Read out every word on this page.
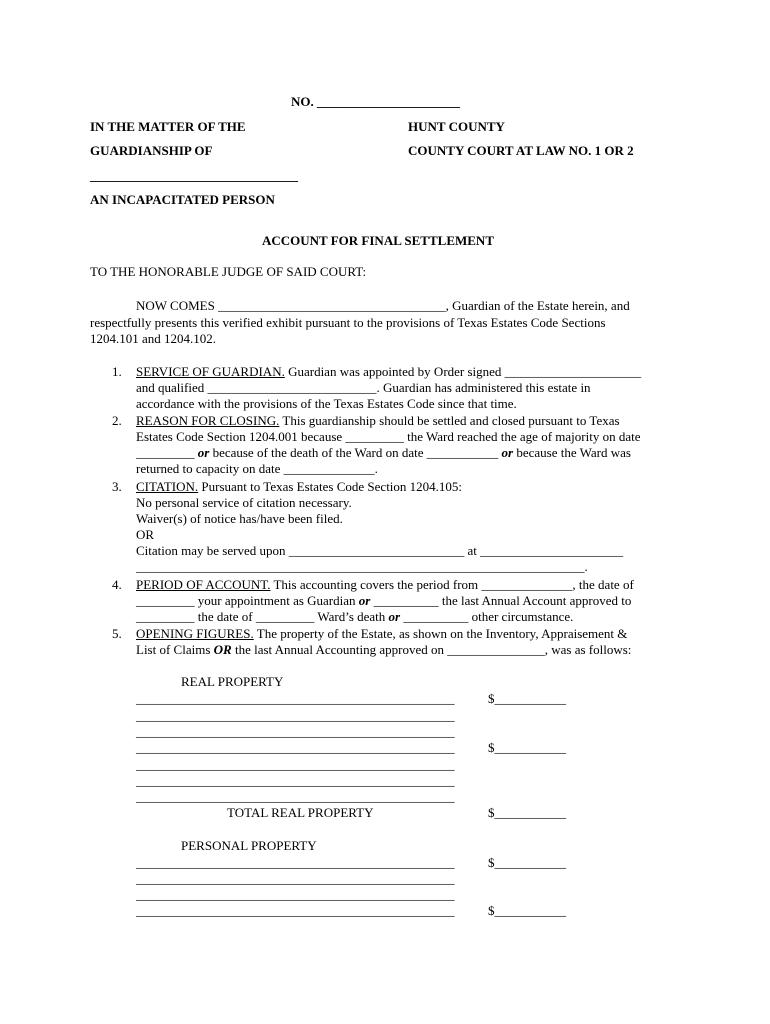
NO. ______________________
IN THE MATTER OF THE
GUARDIANSHIP OF
________________________________
AN INCAPACITATED PERSON
HUNT COUNTY
COUNTY COURT AT LAW NO. 1 OR 2
ACCOUNT FOR FINAL SETTLEMENT
TO THE HONORABLE JUDGE OF SAID COURT:
NOW COMES ___________________________________, Guardian of the Estate herein, and
respectfully presents this verified exhibit pursuant to the provisions of Texas Estates Code Sections
1204.101 and 1204.102.
1. SERVICE OF GUARDIAN. Guardian was appointed by Order signed _____________________
and qualified __________________________. Guardian has administered this estate in
accordance with the provisions of the Texas Estates Code since that time.
2. REASON FOR CLOSING. This guardianship should be settled and closed pursuant to Texas
Estates Code Section 1204.001 because _________ the Ward reached the age of majority on date
_________ or because of the death of the Ward on date ___________ or because the Ward was
returned to capacity on date ______________.
3. CITATION. Pursuant to Texas Estates Code Section 1204.105:
No personal service of citation necessary.
Waiver(s) of notice has/have been filed.
OR
Citation may be served upon ___________________________ at ______________________
_____________________________________________________________________.
4. PERIOD OF ACCOUNT. This accounting covers the period from ______________, the date of
_________ your appointment as Guardian or __________ the last Annual Account approved to
_________ the date of _________ Ward’s death or __________ other circumstance.
5. OPENING FIGURES. The property of the Estate, as shown on the Inventory, Appraisement &
List of Claims OR the last Annual Accounting approved on _______________, was as follows:
REAL PROPERTY
_________________________________________________	$___________
_________________________________________________
_________________________________________________
_________________________________________________	$___________
_________________________________________________
_________________________________________________
_________________________________________________
TOTAL REAL PROPERTY	$___________
PERSONAL PROPERTY
_________________________________________________	$___________
_________________________________________________
_________________________________________________
_________________________________________________	$___________
